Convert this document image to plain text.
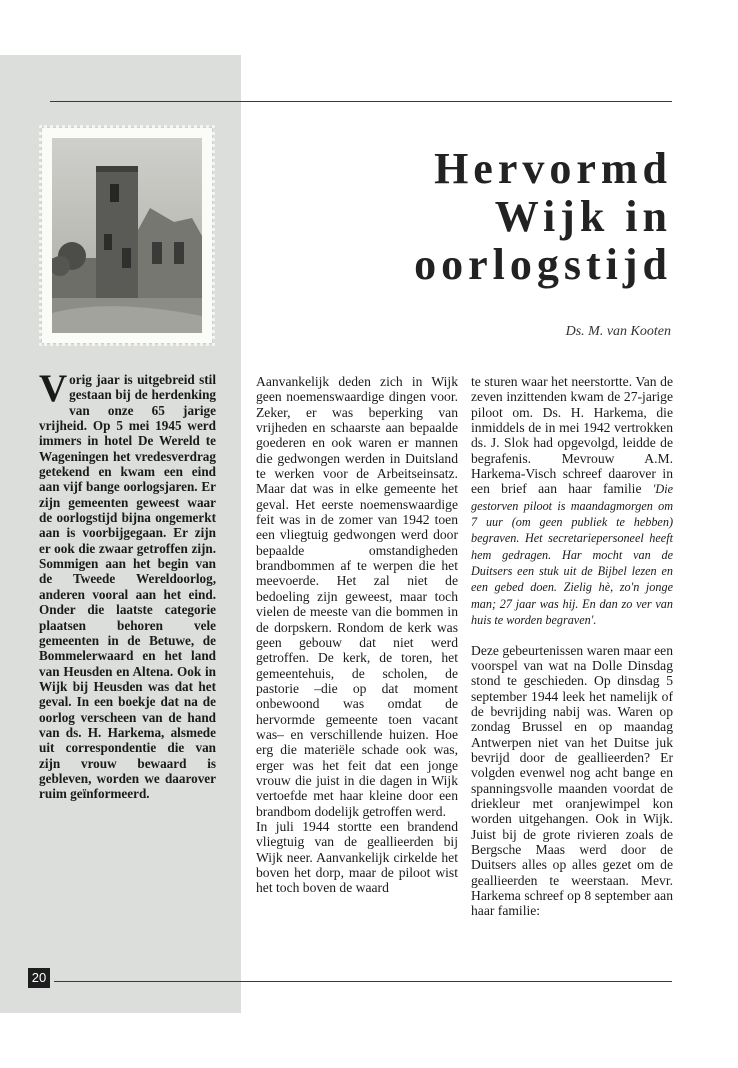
Hervormd
Wijk in
oorlogstijd
Ds. M. van Kooten
Vorig jaar is uitgebreid stil gestaan bij de herdenking van onze 65 jarige vrijheid. Op 5 mei 1945 werd immers in hotel De Wereld te Wageningen het vredesverdrag getekend en kwam een eind aan vijf bange oorlogsjaren. Er zijn gemeenten geweest waar de oorlogstijd bijna ongemerkt aan is voorbijgegaan. Er zijn er ook die zwaar getroffen zijn. Sommigen aan het begin van de Tweede Wereldoorlog, anderen vooral aan het eind. Onder die laatste categorie plaatsen behoren vele gemeenten in de Betuwe, de Bommelerwaard en het land van Heusden en Altena. Ook in Wijk bij Heusden was dat het geval. In een boekje dat na de oorlog verscheen van de hand van ds. H. Harkema, alsmede uit correspondentie die van zijn vrouw bewaard is gebleven, worden we daarover ruim geïnformeerd.

Aanvankelijk deden zich in Wijk geen noemenswaardige dingen voor. Zeker, er was beperking van vrijheden en schaarste aan bepaalde goederen en ook waren er mannen die gedwongen werden in Duitsland te werken voor de Arbeitseinsatz. Maar dat was in elke gemeente het geval. Het eerste noemenswaardige feit was in de zomer van 1942 toen een vliegtuig gedwongen werd door bepaalde omstandigheden brandbommen af te werpen die het meevoerde. Het zal niet de bedoeling zijn geweest, maar toch vielen de meeste van die bommen in de dorpskern. Rondom de kerk was geen gebouw dat niet werd getroffen. De kerk, de toren, het gemeentehuis, de scholen, de pastorie –die op dat moment onbewoond was omdat de hervormde gemeente toen vacant was– en verschillende huizen. Hoe erg die materiële schade ook was, erger was het feit dat een jonge vrouw die juist in die dagen in Wijk vertoefde met haar kleine door een brandbom dodelijk getroffen werd.

In juli 1944 stortte een brandend vliegtuig van de geallieerden bij Wijk neer. Aanvankelijk cirkelde het boven het dorp, maar de piloot wist het toch boven de waard

te sturen waar het neerstortte. Van de zeven inzittenden kwam de 27-jarige piloot om. Ds. H. Harkema, die inmiddels de in mei 1942 vertrokken ds. J. Slok had opgevolgd, leidde de begrafenis. Mevrouw A.M. Harkema-Visch schreef daarover in een brief aan haar familie 'Die gestorven piloot is maandagmorgen om 7 uur (om geen publiek te hebben) begraven. Het secretariepersoneel heeft hem gedragen. Har mocht van de Duitsers een stuk uit de Bijbel lezen en een gebed doen. Zielig hè, zo'n jonge man; 27 jaar was hij. En dan zo ver van huis te worden begraven'.

Deze gebeurtenissen waren maar een voorspel van wat na Dolle Dinsdag stond te geschieden. Op dinsdag 5 september 1944 leek het namelijk of de bevrijding nabij was. Waren op zondag Brussel en op maandag Antwerpen niet van het Duitse juk bevrijd door de geallieerden? Er volgden evenwel nog acht bange en spanningsvolle maanden voordat de driekleur met oranjewimpel kon worden uitgehangen. Ook in Wijk. Juist bij de grote rivieren zoals de Bergsche Maas werd door de Duitsers alles op alles gezet om de geallieerden te weerstaan. Mevr. Harkema schreef op 8 september aan haar familie:

20
